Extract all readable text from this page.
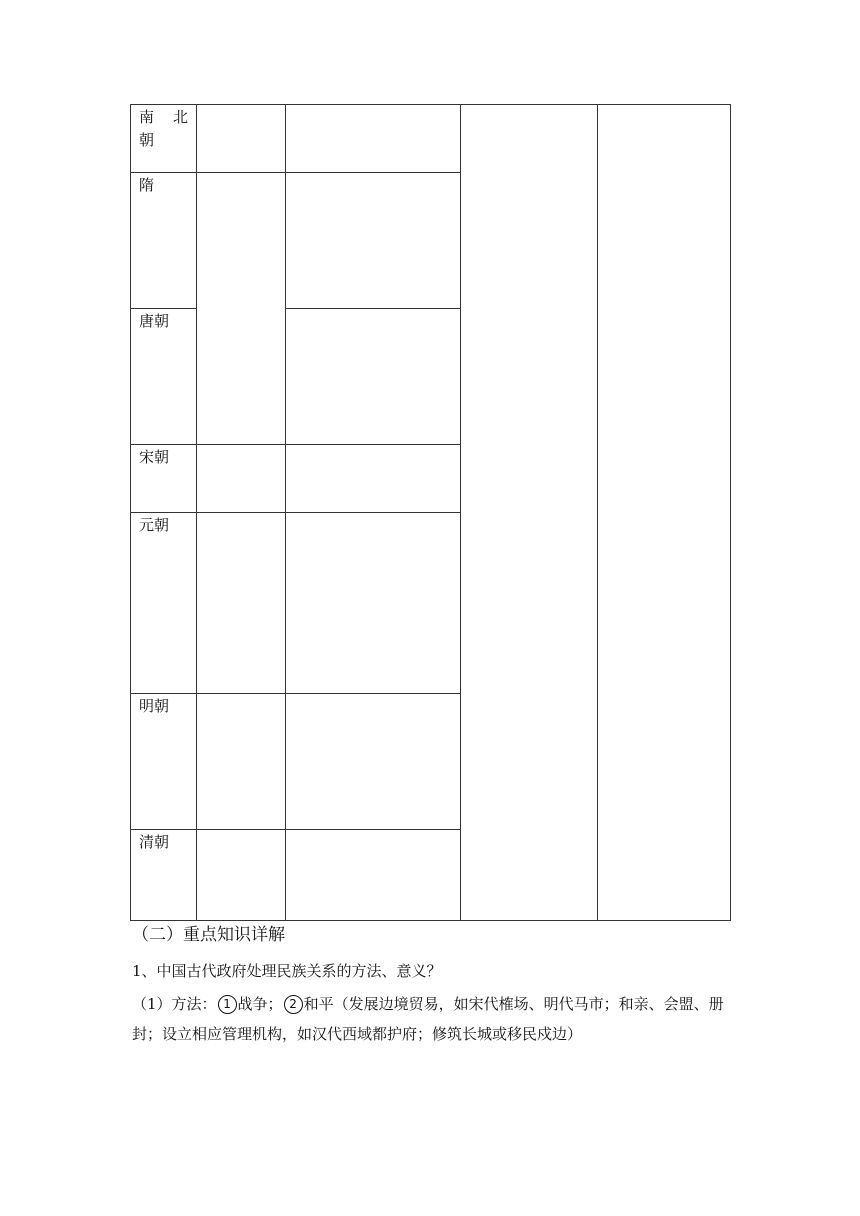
南 北
朝				

隋				

唐朝				

宋朝				

元朝				

明朝				

清朝				

（二）重点知识详解
1、中国古代政府处理民族关系的方法、意义？
（1）方法： 1 战争； 2 和平（发展边境贸易，如宋代榷场、明代马市；和亲、会盟、册封；设立相应管理机构，如汉代西域都护府；修筑长城或移民戍边）
